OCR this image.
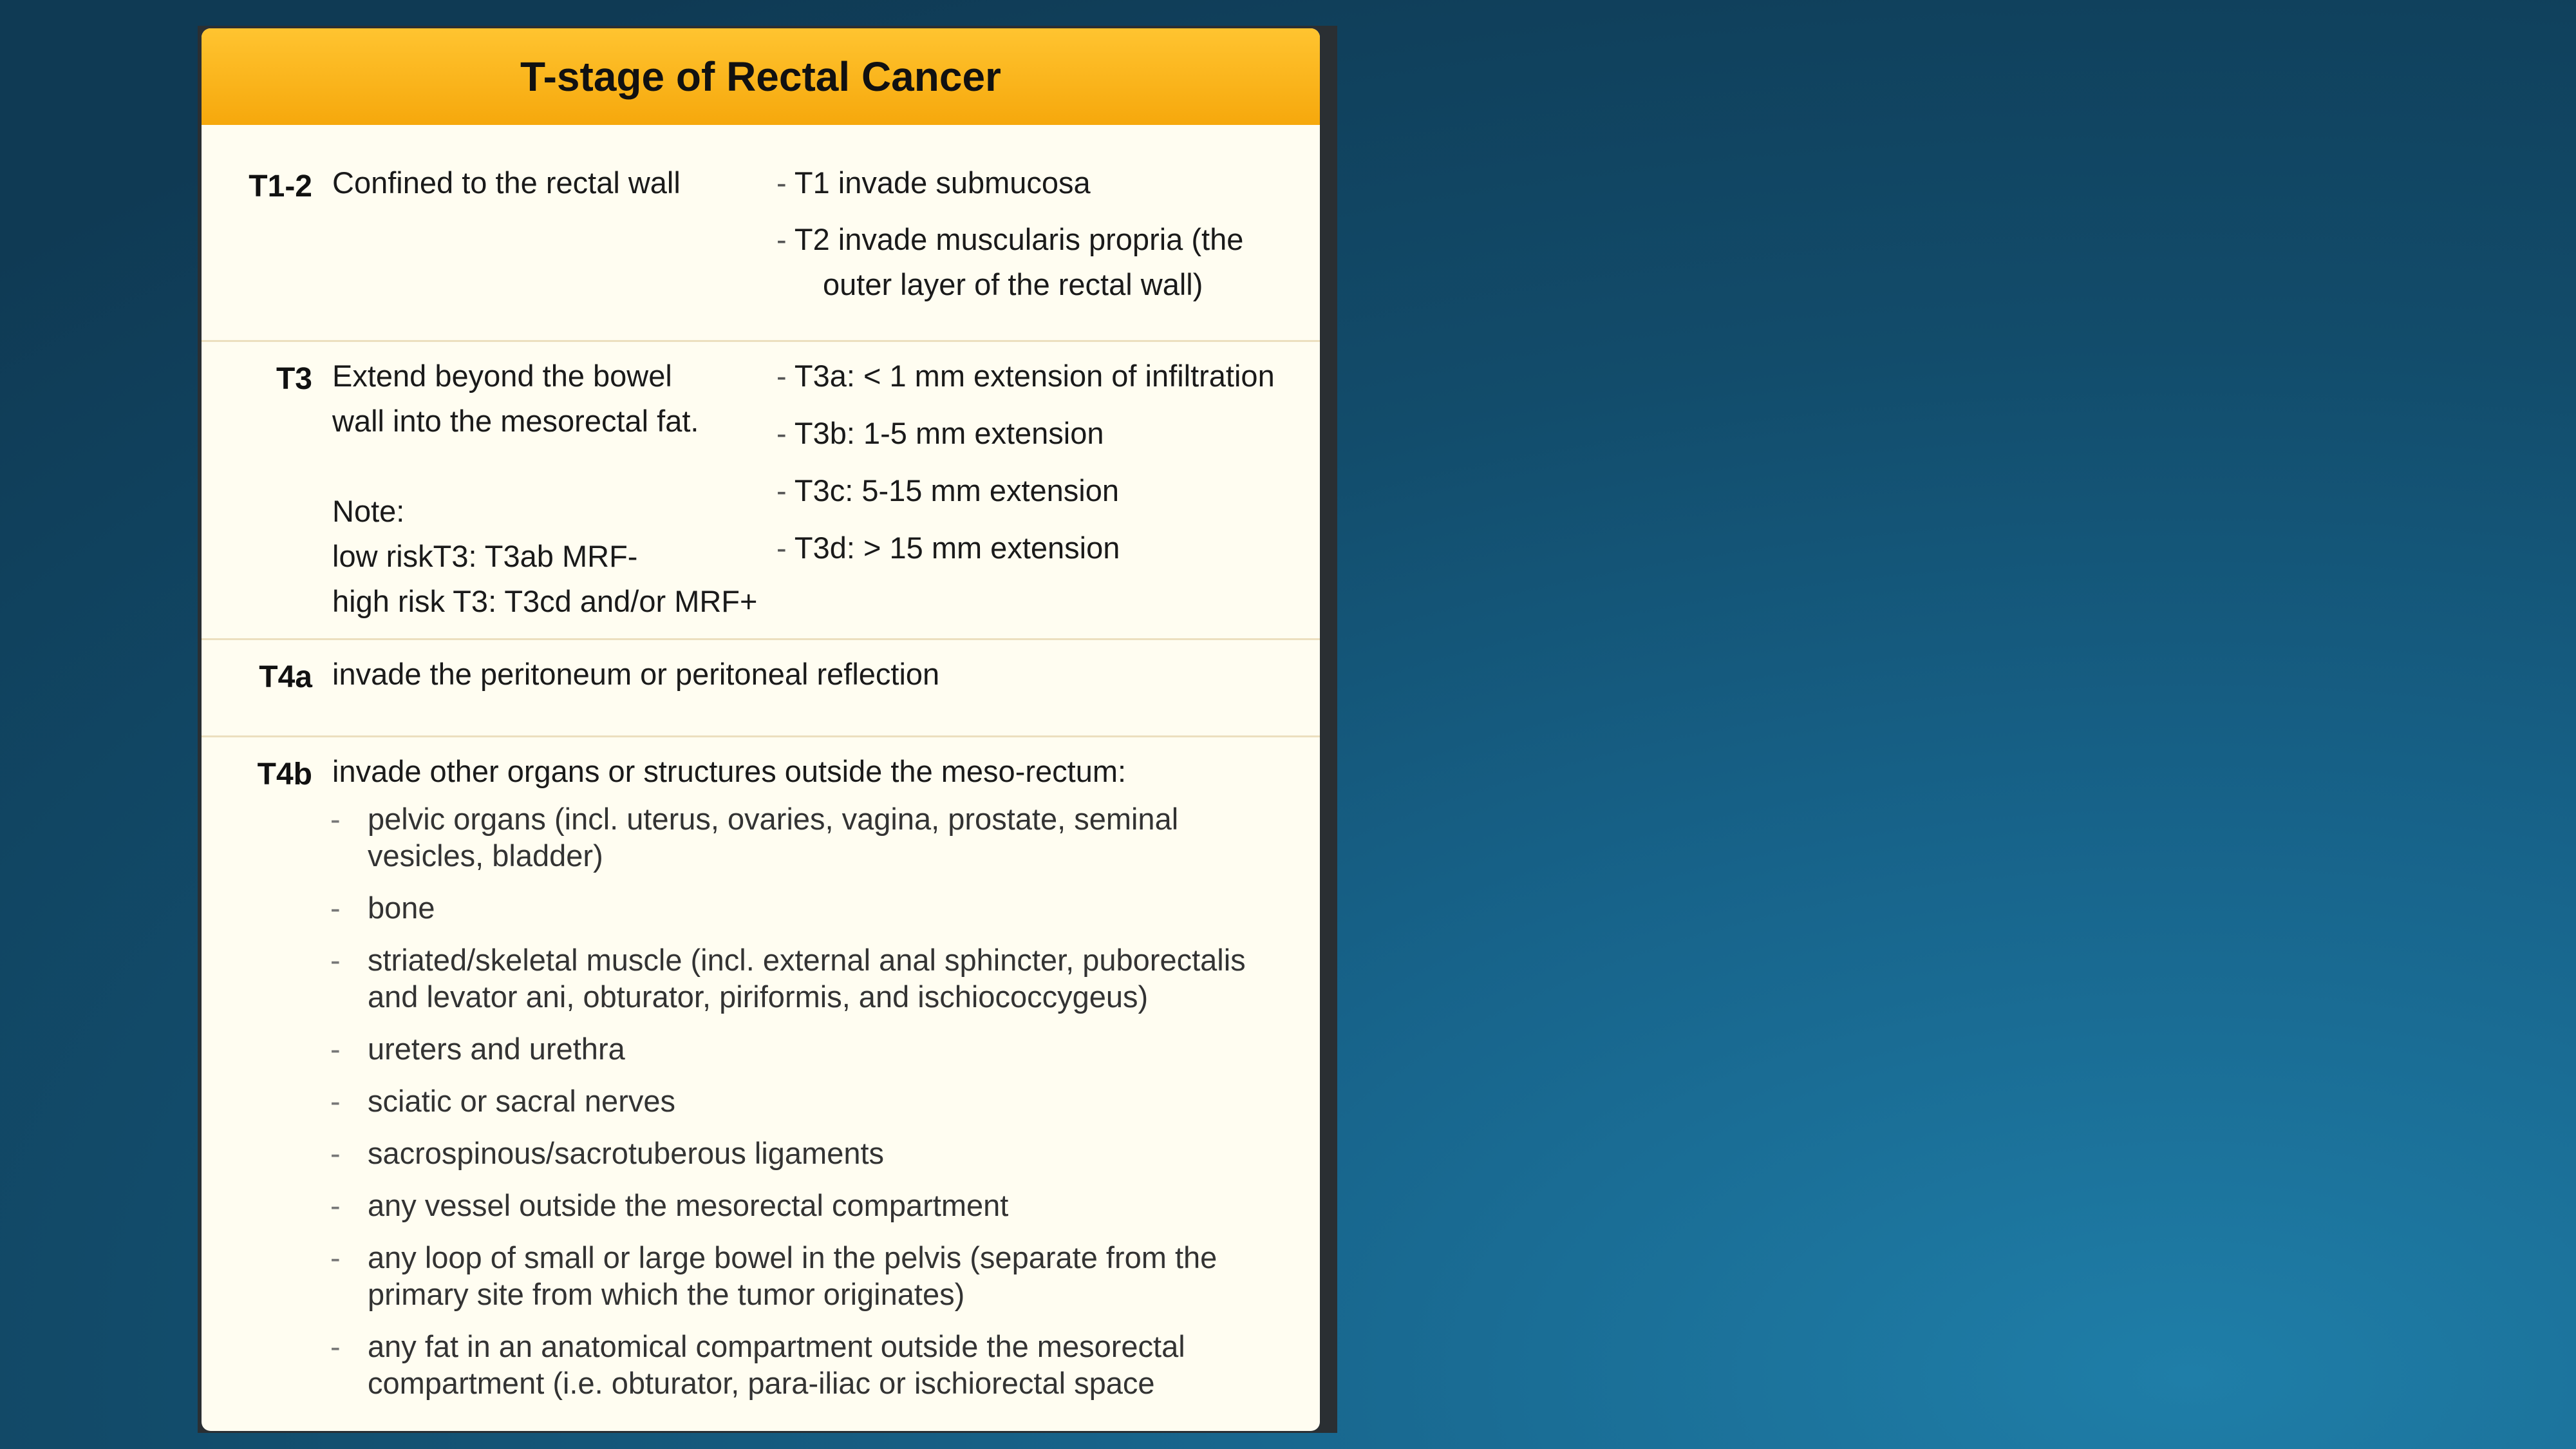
T-stage of Rectal Cancer
T1-2 Confined to the rectal wall	- T1 invade submucosa
- T2 invade muscularis propria (the
outer layer of the rectal wall)
T3 Extend beyond the bowel
wall into the mesorectal fat.
Note:
low riskT3: T3ab MRF-
high risk T3: T3cd and/or MRF+
- T3a: < 1 mm extension of infiltration
- T3b: 1-5 mm extension
- T3c: 5-15 mm extension
- T3d: > 15 mm extension
T4a invade the peritoneum or peritoneal reflection
T4b invade other organs or structures outside the meso-rectum:
- pelvic organs (incl. uterus, ovaries, vagina, prostate, seminal vesicles, bladder)
- bone
- striated/skeletal muscle (incl. external anal sphincter, puborectalis and levator ani, obturator, piriformis, and ischiococcygeus)
- ureters and urethra
- sciatic or sacral nerves
- sacrospinous/sacrotuberous ligaments
- any vessel outside the mesorectal compartment
- any loop of small or large bowel in the pelvis (separate from the primary site from which the tumor originates)
- any fat in an anatomical compartment outside the mesorectal compartment (i.e. obturator, para-iliac or ischiorectal space
